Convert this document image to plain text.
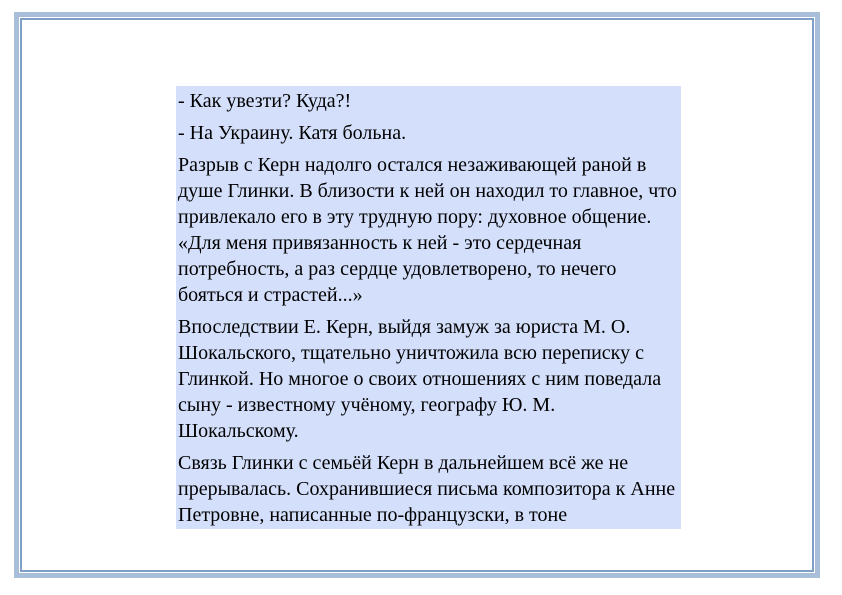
- Как увезти? Куда?!

- На Украину. Катя больна.

Разрыв с Керн надолго остался незаживающей раной в душе Глинки. В близости к ней он находил то главное, что привлекало его в эту трудную пору: духовное общение. «Для меня привязанность к ней - это сердечная потребность, а раз сердце удовлетворено, то нечего бояться и страстей...»

Впоследствии Е. Керн, выйдя замуж за юриста М. О. Шокальского, тщательно уничтожила всю переписку с Глинкой. Но многое о своих отношениях с ним поведала сыну - известному учёному, географу Ю. М. Шокальскому.

Связь Глинки с семьёй Керн в дальнейшем всё же не прерывалась. Сохранившиеся письма композитора к Анне Петровне, написанные по-французски, в тоне
